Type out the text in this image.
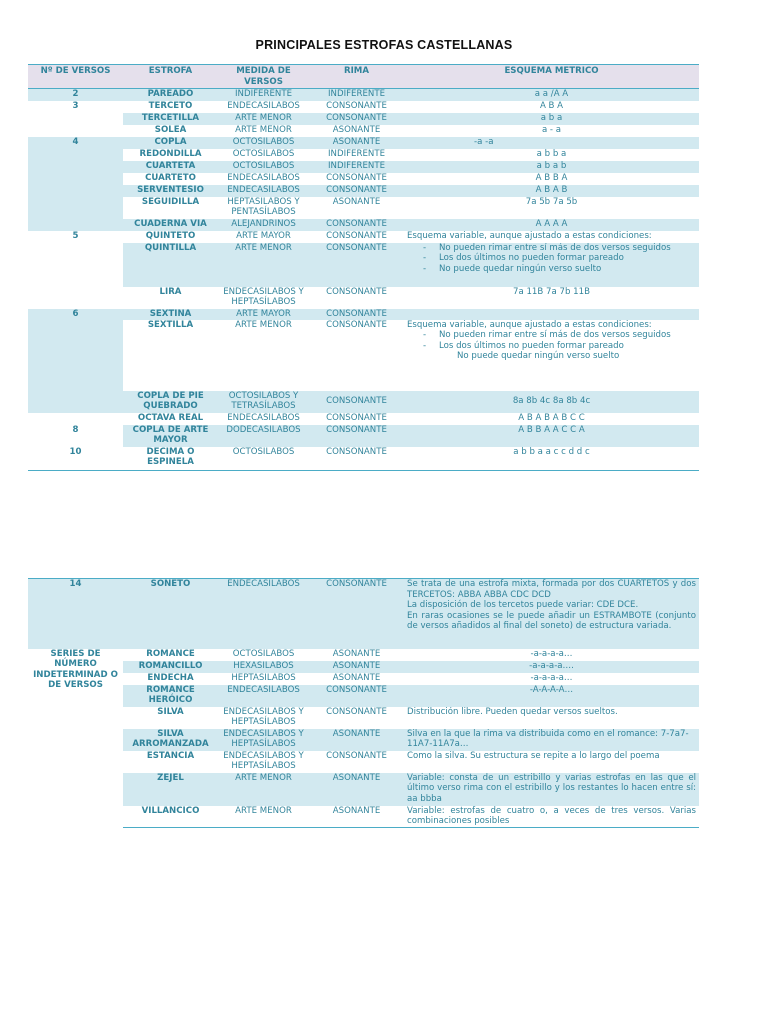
PRINCIPALES ESTROFAS CASTELLANAS
Nº DE VERSOS	ESTROFA	MEDIDA DE VERSOS	RIMA	ESQUEMA METRICO
2	PAREADO	INDIFERENTE	INDIFERENTE	a a /A A
3	TERCETO	ENDECASÍLABOS	CONSONANTE	A B A
	TERCETILLA	ARTE MENOR	CONSONANTE	a b a
	SOLEÁ	ARTE MENOR	ASONANTE	a - a
4	COPLA	OCTOSÍLABOS	ASONANTE	-a -a
	REDONDILLA	OCTOSÍLABOS	INDIFERENTE	a b b a
	CUARTETA	OCTOSÍLABOS	INDIFERENTE	a b a b
	CUARTETO	ENDECASÍLABOS	CONSONANTE	A B B A
	SERVENTESIO	ENDECASÍLABOS	CONSONANTE	A B A B
	SEGUIDILLA	HEPTASÍLABOS Y PENTASÍLABOS	ASONANTE	7a 5b 7a 5b
	CUADERNA VÍA	ALEJANDRINOS	CONSONANTE	A A A A
5	QUINTETO	ARTE MAYOR	CONSONANTE	Esquema variable, aunque ajustado a estas condiciones:
	QUINTILLA	ARTE MENOR	CONSONANTE	- No pueden rimar entre sí más de dos versos seguidos
- Los dos últimos no pueden formar pareado
- No puede quedar ningún verso suelto

	LIRA	ENDECASÍLABOS Y HEPTASÍLABOS	CONSONANTE	7a 11B 7a 7b 11B
6	SEXTINA	ARTE MAYOR	CONSONANTE	
	SEXTILLA	ARTE MENOR	CONSONANTE	Esquema variable, aunque ajustado a estas condiciones:
- No pueden rimar entre sí más de dos versos seguidos
- Los dos últimos no pueden formar pareado
No puede quedar ningún verso suelto

	COPLA DE PIE QUEBRADO	OCTOSÍLABOS Y TETRASÍLABOS	CONSONANTE	8a 8b 4c 8a 8b 4c
	OCTAVA REAL	ENDECASÍLABOS	CONSONANTE	A B A B A B C C
8	COPLA DE ARTE MAYOR	DODECASÍLABOS	CONSONANTE	A B B A A C C A
10	DÉCIMA O ESPINELA	OCTOSÍLABOS	CONSONANTE	a b b a a c c d d c
14	SONETO	ENDECASÍLABOS	CONSONANTE	Se trata de una estrofa mixta, formada por dos CUARTETOS y dos TERCETOS: ABBA ABBA CDC DCD
La disposición de los tercetos puede variar: CDE DCE.
En raras ocasiones se le puede añadir un ESTRAMBOTE (conjunto de versos añadidos al final del soneto) de estructura variada.

SERIES DE NÚMERO INDETERMINAD O DE VERSOS	ROMANCE	OCTOSÍLABOS	ASONANTE	-a-a-a-a…
	ROMANCILLO	HEXASÍLABOS	ASONANTE	-a-a-a-a….
	ENDECHA	HEPTASÍLABOS	ASONANTE	-a-a-a-a…
	ROMANCE HERÓICO	ENDECASÍLABOS	CONSONANTE	-A-A-A-A…
	SILVA	ENDECASÍLABOS Y HEPTASÍLABOS	CONSONANTE	Distribución libre. Pueden quedar versos sueltos.
	SILVA ARROMANZADA	ENDECASÍLABOS Y HEPTASÍLABOS	ASONANTE	Silva en la que la rima va distribuida como en el romance: 7-7a7-11A7-11A7a…
	ESTANCIA	ENDECASÍLABOS Y HEPTASÍLABOS	CONSONANTE	Como la silva. Su estructura se repite a lo largo del poema
	ZÉJEL	ARTE MENOR	ASONANTE	Variable: consta de un estribillo y varias estrofas en las que el último verso rima con el estribillo y los restantes lo hacen entre sí: aa bbba
	VILLANCICO	ARTE MENOR	ASONANTE	Variable: estrofas de cuatro o, a veces de tres versos. Varias combinaciones posibles
